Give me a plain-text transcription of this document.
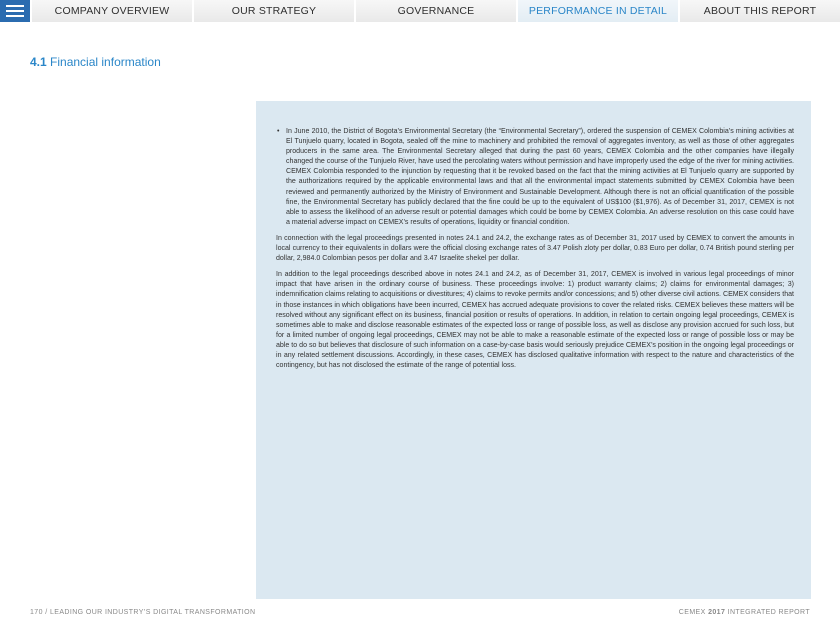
COMPANY OVERVIEW	OUR STRATEGY	GOVERNANCE	PERFORMANCE IN DETAIL	ABOUT THIS REPORT
4.1 Financial information
• In June 2010, the District of Bogota’s Environmental Secretary (the “Environmental Secretary”), ordered the suspension of CEMEX Colombia’s mining activities at El Tunjuelo quarry, located in Bogota, sealed off the mine to machinery and prohibited the removal of aggregates inventory, as well as those of other aggregates producers in the same area. The Environmental Secretary alleged that during the past 60 years, CEMEX Colombia and the other companies have illegally changed the course of the Tunjuelo River, have used the percolating waters without permission and have improperly used the edge of the river for mining activities. CEMEX Colombia responded to the injunction by requesting that it be revoked based on the fact that the mining activities at El Tunjuelo quarry are supported by the authorizations required by the applicable environmental laws and that all the environmental impact statements submitted by CEMEX Colombia have been reviewed and permanently authorized by the Ministry of Environment and Sustainable Development. Although there is not an official quantification of the possible fine, the Environmental Secretary has publicly declared that the fine could be up to the equivalent of US$100 ($1,976). As of December 31, 2017, CEMEX is not able to assess the likelihood of an adverse result or potential damages which could be borne by CEMEX Colombia. An adverse resolution on this case could have a material adverse impact on CEMEX’s results of operations, liquidity or financial condition.

In connection with the legal proceedings presented in notes 24.1 and 24.2, the exchange rates as of December 31, 2017 used by CEMEX to convert the amounts in local currency to their equivalents in dollars were the official closing exchange rates of 3.47 Polish zloty per dollar, 0.83 Euro per dollar, 0.74 British pound sterling per dollar, 2,984.0 Colombian pesos per dollar and 3.47 Israelite shekel per dollar.

In addition to the legal proceedings described above in notes 24.1 and 24.2, as of December 31, 2017, CEMEX is involved in various legal proceedings of minor impact that have arisen in the ordinary course of business. These proceedings involve: 1) product warranty claims; 2) claims for environmental damages; 3) indemnification claims relating to acquisitions or divestitures; 4) claims to revoke permits and/or concessions; and 5) other diverse civil actions. CEMEX considers that in those instances in which obligations have been incurred, CEMEX has accrued adequate provisions to cover the related risks. CEMEX believes these matters will be resolved without any significant effect on its business, financial position or results of operations. In addition, in relation to certain ongoing legal proceedings, CEMEX is sometimes able to make and disclose reasonable estimates of the expected loss or range of possible loss, as well as disclose any provision accrued for such loss, but for a limited number of ongoing legal proceedings, CEMEX may not be able to make a reasonable estimate of the expected loss or range of possible loss or may be able to do so but believes that disclosure of such information on a case-by-case basis would seriously prejudice CEMEX’s position in the ongoing legal proceedings or in any related settlement discussions. Accordingly, in these cases, CEMEX has disclosed qualitative information with respect to the nature and characteristics of the contingency, but has not disclosed the estimate of the range of potential loss.

170 / LEADING OUR INDUSTRY’S DIGITAL TRANSFORMATION	CEMEX 2017 INTEGRATED REPORT
